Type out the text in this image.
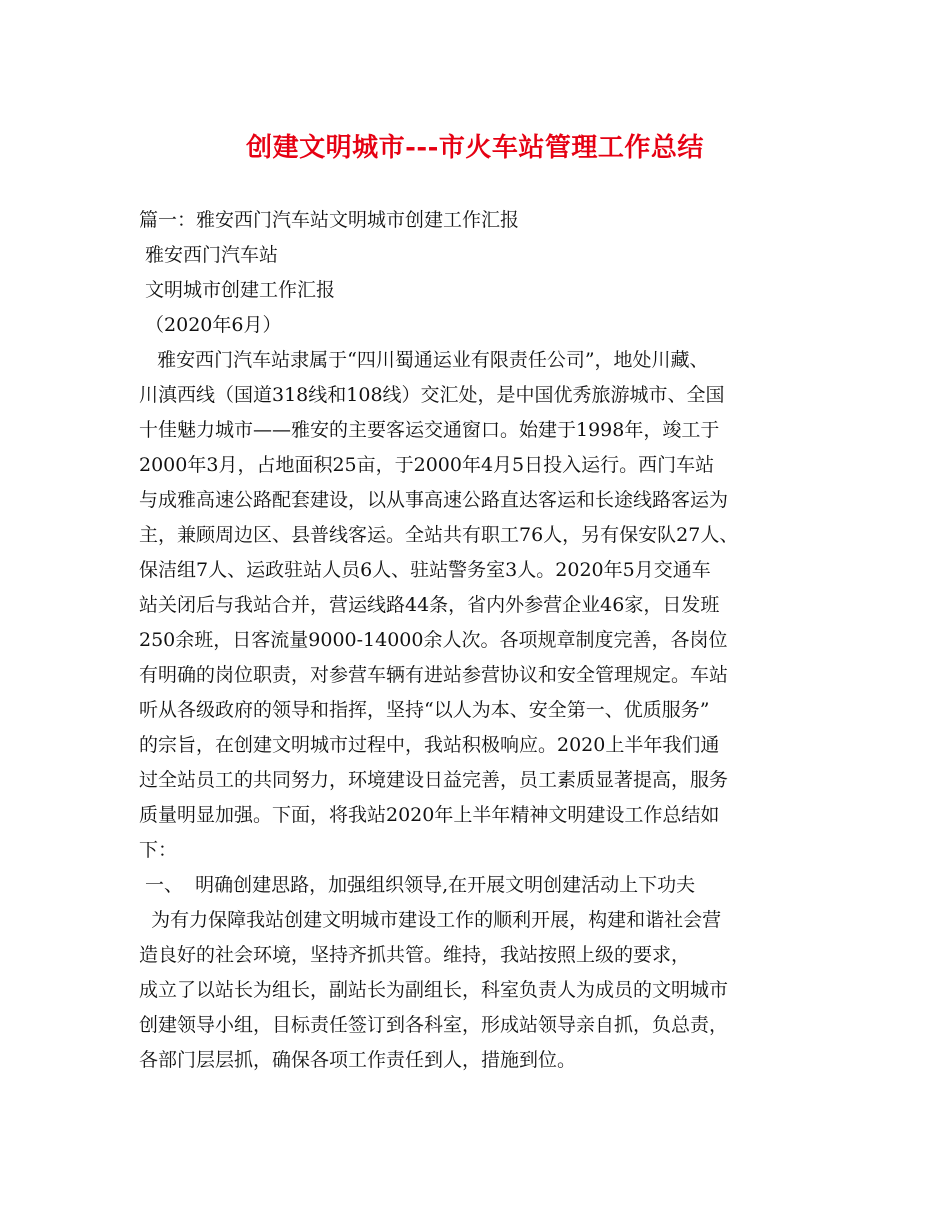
创建文明城市---市火车站管理工作总结

篇一：雅安西门汽车站文明城市创建工作汇报

雅安西门汽车站

文明城市创建工作汇报

（2020年6月）

雅安西门汽车站隶属于“四川蜀通运业有限责任公司”，地处川藏、

川滇西线（国道318线和108线）交汇处，是中国优秀旅游城市、全国

十佳魅力城市——雅安的主要客运交通窗口。始建于1998年，竣工于

2000年3月，占地面积25亩，于2000年4月5日投入运行。西门车站

与成雅高速公路配套建设，以从事高速公路直达客运和长途线路客运为

主，兼顾周边区、县普线客运。全站共有职工76人，另有保安队27人、

保洁组7人、运政驻站人员6人、驻站警务室3人。2020年5月交通车

站关闭后与我站合并，营运线路44条，省内外参营企业46家，日发班

250余班，日客流量9000-14000余人次。各项规章制度完善，各岗位

有明确的岗位职责，对参营车辆有进站参营协议和安全管理规定。车站

听从各级政府的领导和指挥，坚持“以人为本、安全第一、优质服务”

的宗旨，在创建文明城市过程中，我站积极响应。2020上半年我们通

过全站员工的共同努力，环境建设日益完善，员工素质显著提高，服务

质量明显加强。下面，将我站2020年上半年精神文明建设工作总结如

下：

一、  明确创建思路，加强组织领导,在开展文明创建活动上下功夫

为有力保障我站创建文明城市建设工作的顺利开展，构建和谐社会营

造良好的社会环境，坚持齐抓共管。维持，我站按照上级的要求，

成立了以站长为组长，副站长为副组长，科室负责人为成员的文明城市

创建领导小组，目标责任签订到各科室，形成站领导亲自抓，负总责，

各部门层层抓，确保各项工作责任到人，措施到位。
